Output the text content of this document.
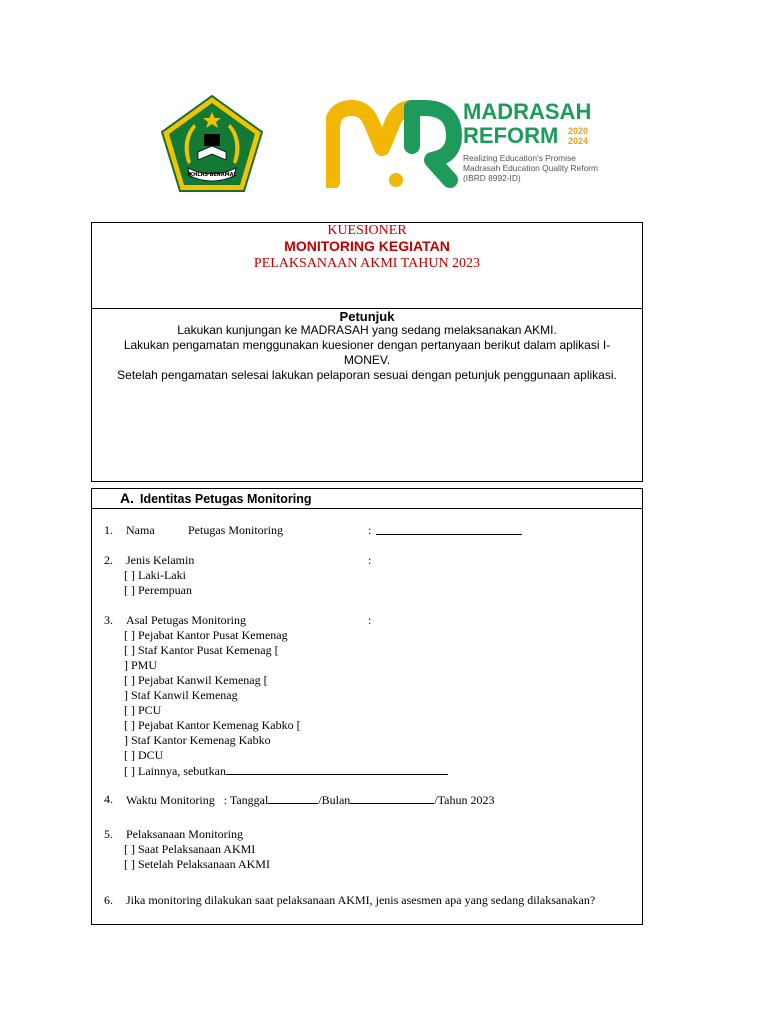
IKHLAS BERAMAL
MADRASAH
REFORM	2020
2024
Realizing Education's Promise
Madrasah Education Quality Reform
(IBRD 8992-ID)
KUESIONER
MONITORING KEGIATAN
PELAKSANAAN AKMI TAHUN 2023
Petunjuk
Lakukan kunjungan ke MADRASAH yang sedang melaksanakan AKMI.
Lakukan pengamatan menggunakan kuesioner dengan pertanyaan berikut dalam aplikasi I-
MONEV.
Setelah pengamatan selesai lakukan pelaporan sesuai dengan petunjuk penggunaan aplikasi.
A. Identitas Petugas Monitoring
1. Nama	Petugas Monitoring	:
2. Jenis Kelamin	:
[ ] Laki-Laki
[ ] Perempuan
3. Asal Petugas Monitoring	:
[ ] Pejabat Kantor Pusat Kemenag
[ ] Staf Kantor Pusat Kemenag [
] PMU
[ ] Pejabat Kanwil Kemenag [
] Staf Kanwil Kemenag
[ ] PCU
[ ] Pejabat Kantor Kemenag Kabko [
] Staf Kantor Kemenag Kabko
[ ] DCU
[ ] Lainnya, sebutkan
4. Waktu Monitoring : Tanggal	/Bulan	/Tahun 2023
5. Pelaksanaan Monitoring
[ ] Saat Pelaksanaan AKMI
[ ] Setelah Pelaksanaan AKMI
6. Jika monitoring dilakukan saat pelaksanaan AKMI, jenis asesmen apa yang sedang dilaksanakan?
